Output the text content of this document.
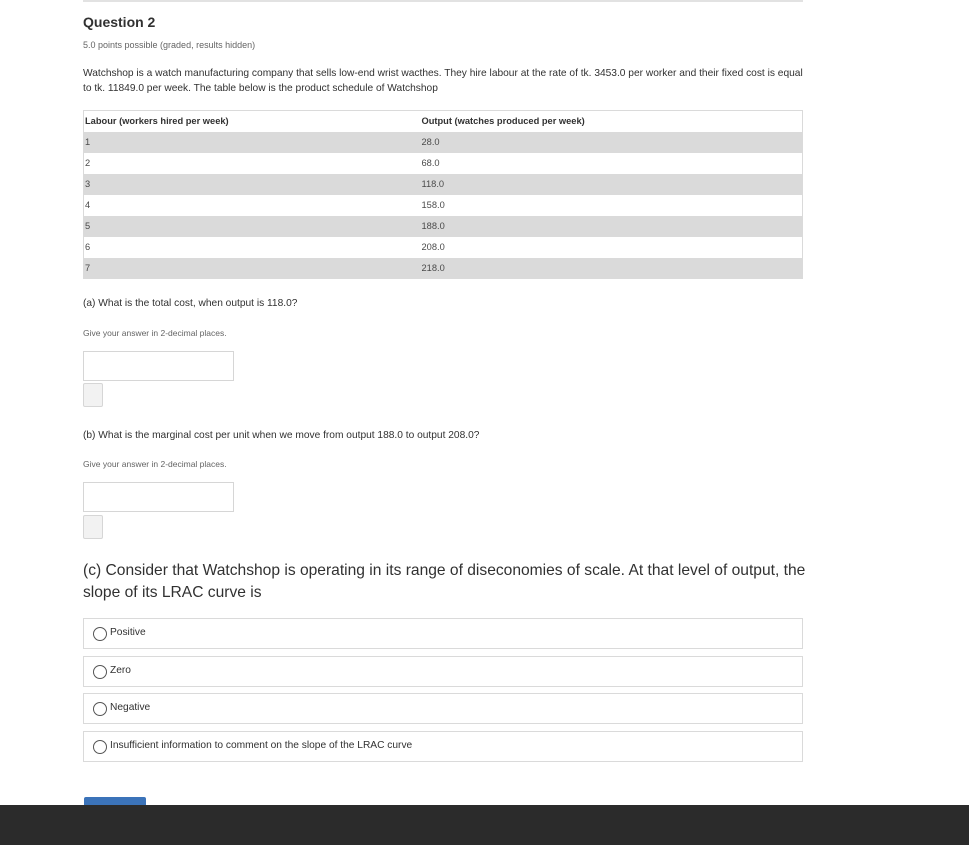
Question 2
5.0 points possible (graded, results hidden)
Watchshop is a watch manufacturing company that sells low-end wrist wacthes. They hire labour at the rate of tk. 3453.0 per worker and their fixed cost is equal to tk. 11849.0 per week. The table below is the product schedule of Watchshop
Labour (workers hired per week)	Output (watches produced per week)
1	28.0
2	68.0
3	118.0
4	158.0
5	188.0
6	208.0
7	218.0
(a) What is the total cost, when output is 118.0?
Give your answer in 2-decimal places.
(b) What is the marginal cost per unit when we move from output 188.0 to output 208.0?
Give your answer in 2-decimal places.
(c) Consider that Watchshop is operating in its range of diseconomies of scale. At that level of output, the slope of its LRAC curve is
Positive
Zero
Negative
Insufficient information to comment on the slope of the LRAC curve
